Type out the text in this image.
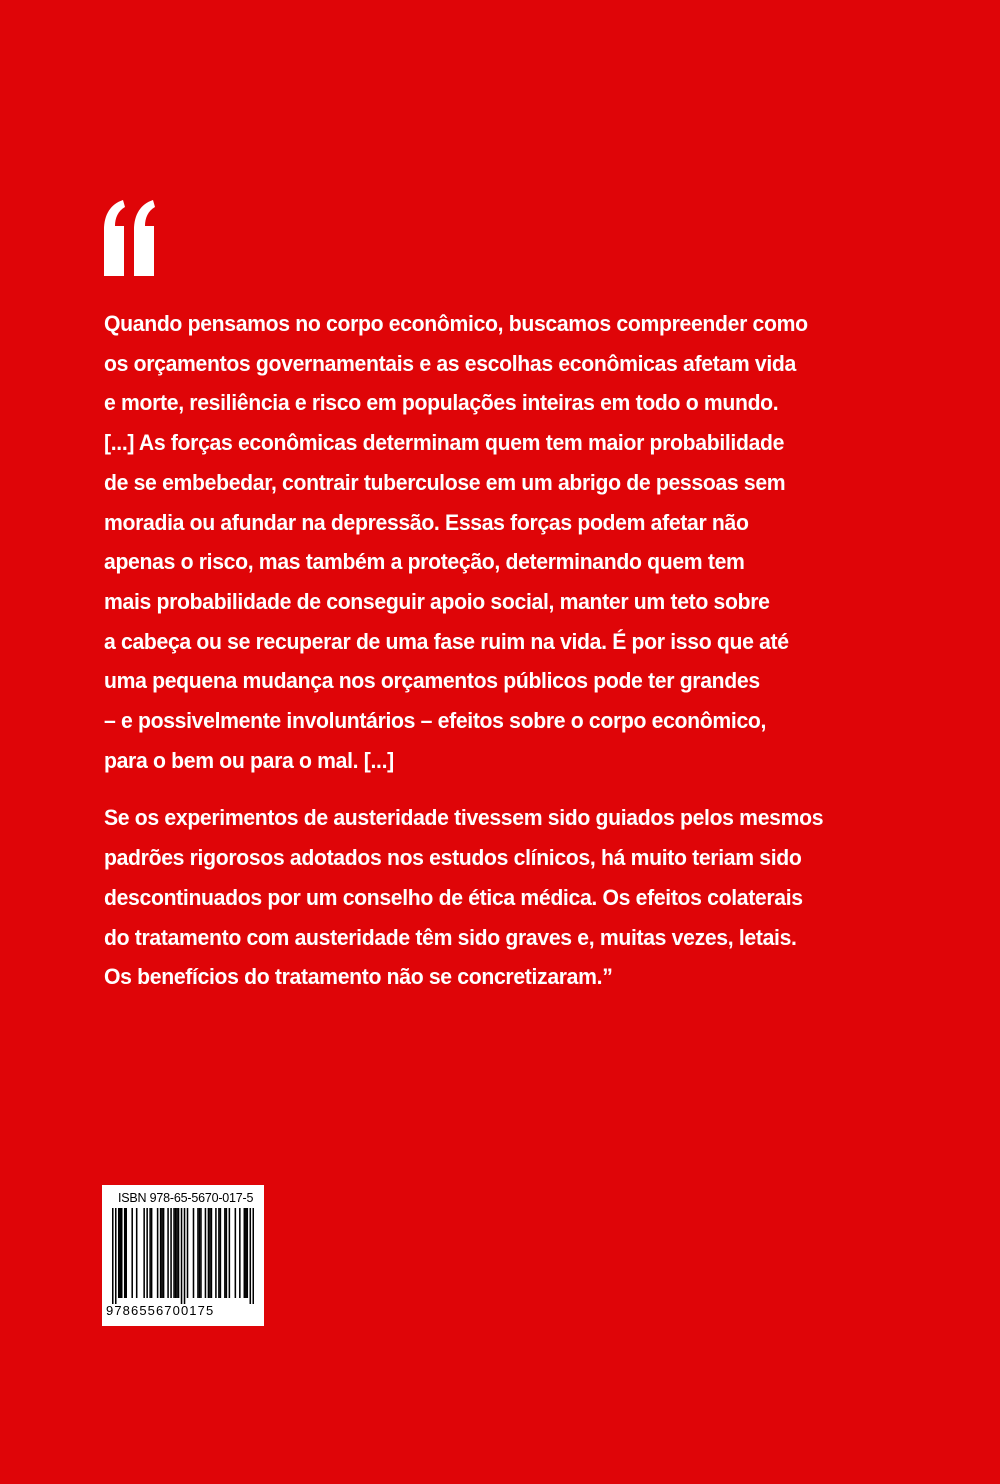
Quando pensamos no corpo econômico, buscamos compreender como
os orçamentos governamentais e as escolhas econômicas afetam vida
e morte, resiliência e risco em populações inteiras em todo o mundo.
[...] As forças econômicas determinam quem tem maior probabilidade
de se embebedar, contrair tuberculose em um abrigo de pessoas sem
moradia ou afundar na depressão. Essas forças podem afetar não
apenas o risco, mas também a proteção, determinando quem tem
mais probabilidade de conseguir apoio social, manter um teto sobre
a cabeça ou se recuperar de uma fase ruim na vida. É por isso que até
uma pequena mudança nos orçamentos públicos pode ter grandes
– e possivelmente involuntários – efeitos sobre o corpo econômico,
para o bem ou para o mal. [...]
Se os experimentos de austeridade tivessem sido guiados pelos mesmos
padrões rigorosos adotados nos estudos clínicos, há muito teriam sido
descontinuados por um conselho de ética médica. Os efeitos colaterais
do tratamento com austeridade têm sido graves e, muitas vezes, letais.
Os benefícios do tratamento não se concretizaram.”
ISBN 978-65-5670-017-5
9786556700175
